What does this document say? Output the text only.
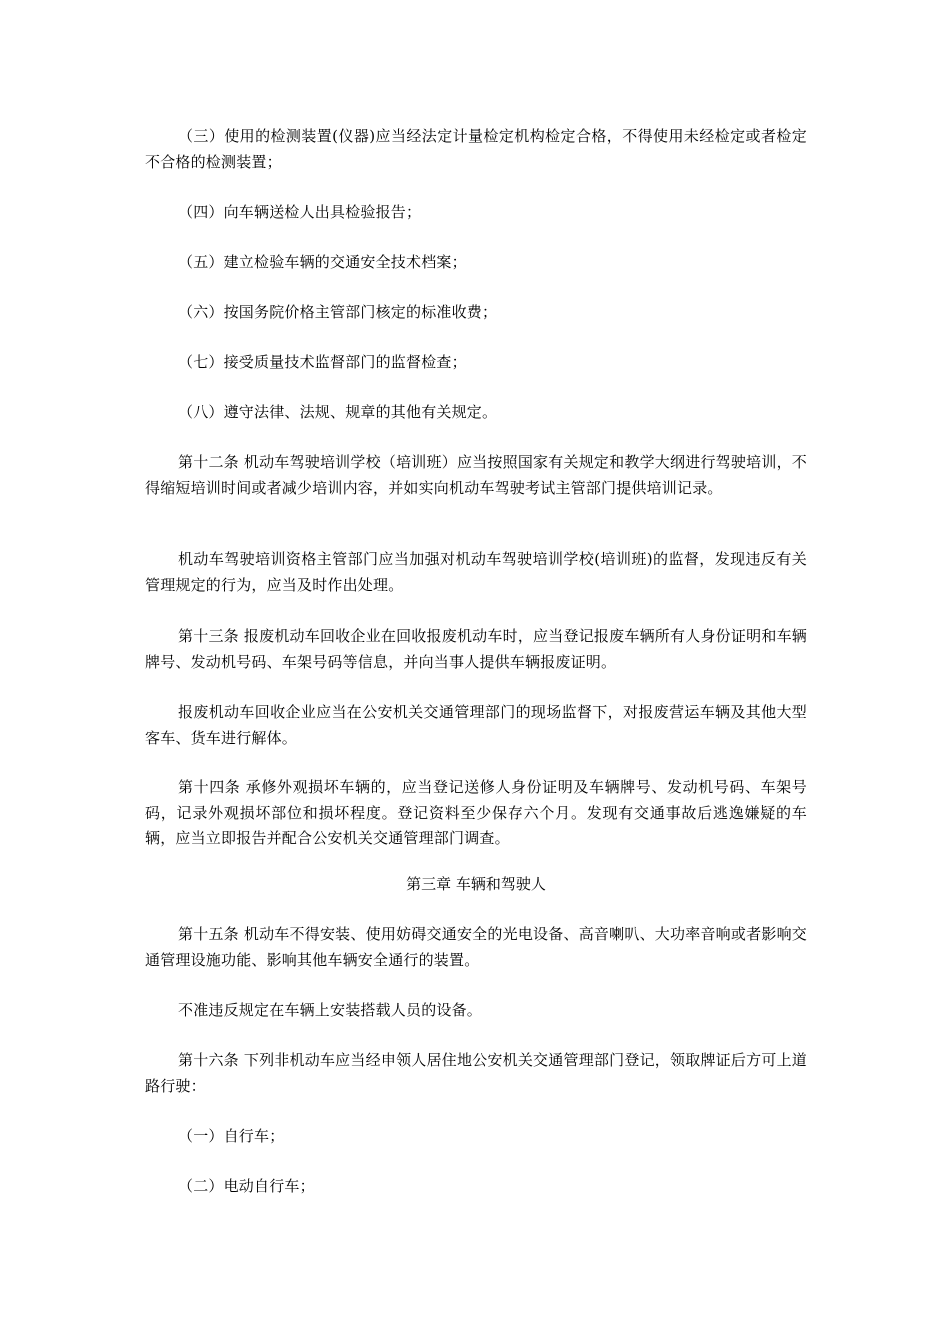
（三）使用的检测装置(仪器)应当经法定计量检定机构检定合格，不得使用未经检定或者检定不合格的检测装置；

（四）向车辆送检人出具检验报告；

（五）建立检验车辆的交通安全技术档案；

（六）按国务院价格主管部门核定的标准收费；

（七）接受质量技术监督部门的监督检查；

（八）遵守法律、法规、规章的其他有关规定。

第十二条 机动车驾驶培训学校（培训班）应当按照国家有关规定和教学大纲进行驾驶培训，不得缩短培训时间或者减少培训内容，并如实向机动车驾驶考试主管部门提供培训记录。

机动车驾驶培训资格主管部门应当加强对机动车驾驶培训学校(培训班)的监督，发现违反有关管理规定的行为，应当及时作出处理。

第十三条 报废机动车回收企业在回收报废机动车时，应当登记报废车辆所有人身份证明和车辆牌号、发动机号码、车架号码等信息，并向当事人提供车辆报废证明。

报废机动车回收企业应当在公安机关交通管理部门的现场监督下，对报废营运车辆及其他大型客车、货车进行解体。

第十四条 承修外观损坏车辆的，应当登记送修人身份证明及车辆牌号、发动机号码、车架号码，记录外观损坏部位和损坏程度。登记资料至少保存六个月。发现有交通事故后逃逸嫌疑的车辆，应当立即报告并配合公安机关交通管理部门调查。

第三章 车辆和驾驶人

第十五条 机动车不得安装、使用妨碍交通安全的光电设备、高音喇叭、大功率音响或者影响交通管理设施功能、影响其他车辆安全通行的装置。

不准违反规定在车辆上安装搭载人员的设备。

第十六条 下列非机动车应当经申领人居住地公安机关交通管理部门登记，领取牌证后方可上道路行驶：

（一）自行车；

（二）电动自行车；
